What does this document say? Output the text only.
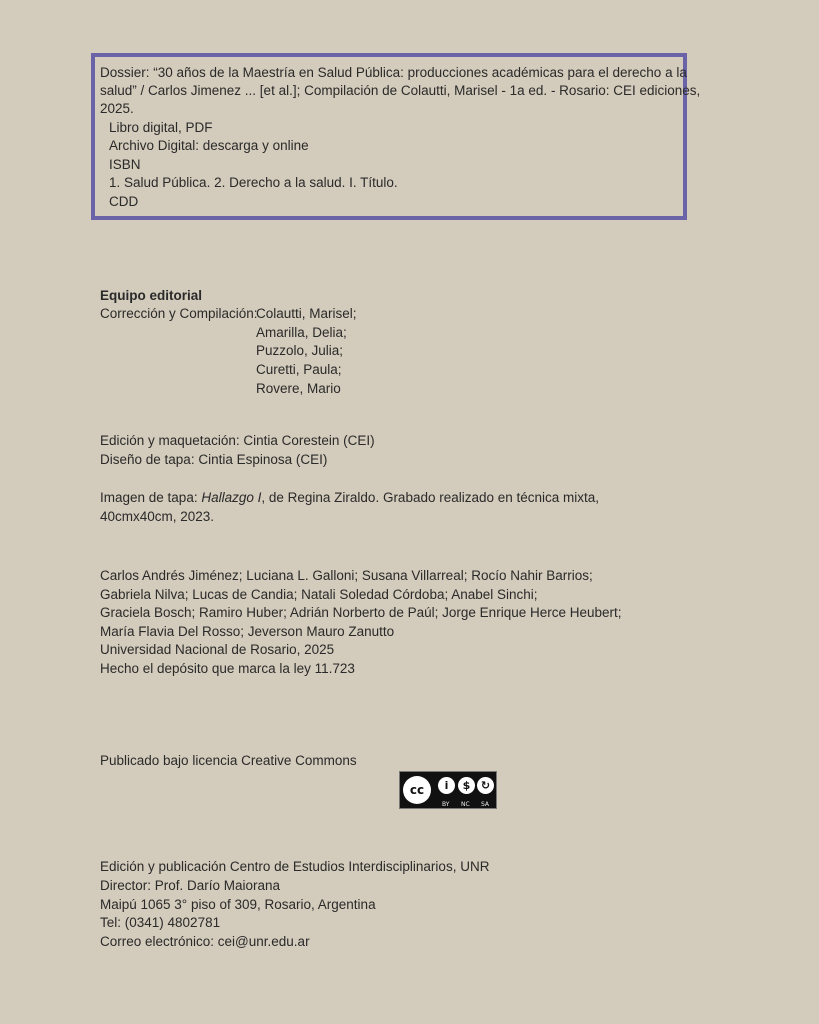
Dossier: “30 años de la Maestría en Salud Pública: producciones académicas para el derecho a la
salud” / Carlos Jimenez ... [et al.]; Compilación de Colautti, Marisel - 1a ed. - Rosario: CEI ediciones,
2025.
Libro digital, PDF
Archivo Digital: descarga y online
ISBN
1. Salud Pública. 2. Derecho a la salud. I. Título.
CDD
Equipo editorial
Corrección y Compilación:
Colautti, Marisel;
Amarilla, Delia;
Puzzolo, Julia;
Curetti, Paula;
Rovere, Mario
Edición y maquetación: Cintia Corestein (CEI)
Diseño de tapa: Cintia Espinosa (CEI)
Imagen de tapa: Hallazgo I, de Regina Ziraldo. Grabado realizado en técnica mixta,
40cmx40cm, 2023.
Carlos Andrés Jiménez; Luciana L. Galloni; Susana Villarreal; Rocío Nahir Barrios;
Gabriela Nilva; Lucas de Candia; Natali Soledad Córdoba; Anabel Sinchi;
Graciela Bosch; Ramiro Huber; Adrián Norberto de Paúl; Jorge Enrique Herce Heubert;
María Flavia Del Rosso; Jeverson Mauro Zanutto
Universidad Nacional de Rosario, 2025
Hecho el depósito que marca la ley 11.723
Publicado bajo licencia Creative Commons
cc	i	$ ↻
BY NC SA
Edición y publicación Centro de Estudios Interdisciplinarios, UNR
Director: Prof. Darío Maiorana
Maipú 1065 3° piso of 309, Rosario, Argentina
Tel: (0341) 4802781
Correo electrónico: cei@unr.edu.ar
